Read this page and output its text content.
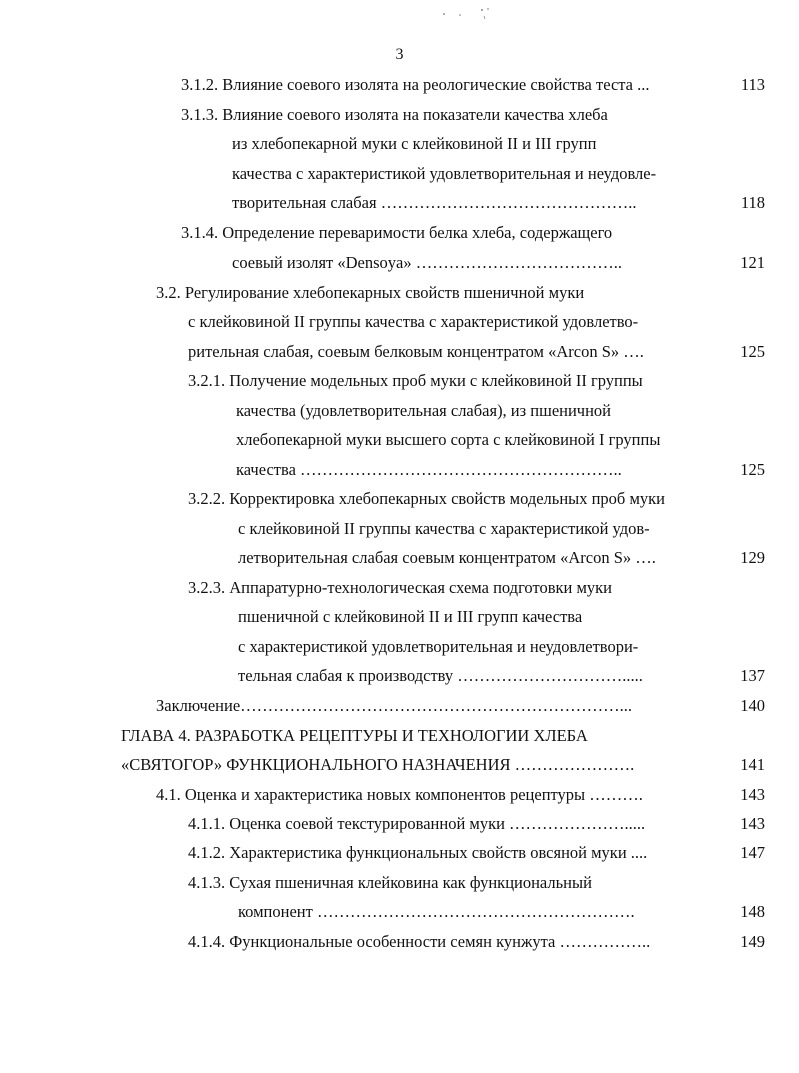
3
3.1.2. Влияние соевого изолята на реологические свойства теста ...	113
3.1.3. Влияние соевого изолята на показатели качества хлеба
из хлебопекарной муки с клейковиной II и III групп
качества с характеристикой удовлетворительная и неудовле-
творительная слабая ………………………………………..	118
3.1.4. Определение переваримости белка хлеба, содержащего
соевый изолят «Densoya» ………………………………..	121
3.2. Регулирование хлебопекарных свойств пшеничной муки
с клейковиной II группы качества с характеристикой удовлетво-
рительная слабая, соевым белковым концентратом «Arcon S» ….	125
3.2.1. Получение модельных проб муки с клейковиной II группы
качества (удовлетворительная слабая), из пшеничной
хлебопекарной муки высшего сорта с клейковиной I группы
качества …………………………………………………..	125
3.2.2. Корректировка хлебопекарных свойств модельных проб муки
с клейковиной II группы качества с характеристикой удов-
летворительная слабая соевым концентратом «Arcon S» ….	129
3.2.3. Аппаратурно-технологическая схема подготовки муки
пшеничной с клейковиной II и III групп качества
с характеристикой удовлетворительная и неудовлетвори-
тельная слабая к производству ………………………….....	137
Заключение……………………………………………………………...	140
ГЛАВА 4. РАЗРАБОТКА РЕЦЕПТУРЫ И ТЕХНОЛОГИИ ХЛЕБА
«СВЯТОГОР» ФУНКЦИОНАЛЬНОГО НАЗНАЧЕНИЯ ………………….	141
4.1. Оценка и характеристика новых компонентов рецептуры ……….	143
4.1.1. Оценка соевой текстурированной муки ………………….....	143
4.1.2. Характеристика функциональных свойств овсяной муки ....	147
4.1.3. Сухая пшеничная клейковина как функциональный
компонент ………………………………………………….	148
4.1.4. Функциональные особенности семян кунжута ……………..	149
